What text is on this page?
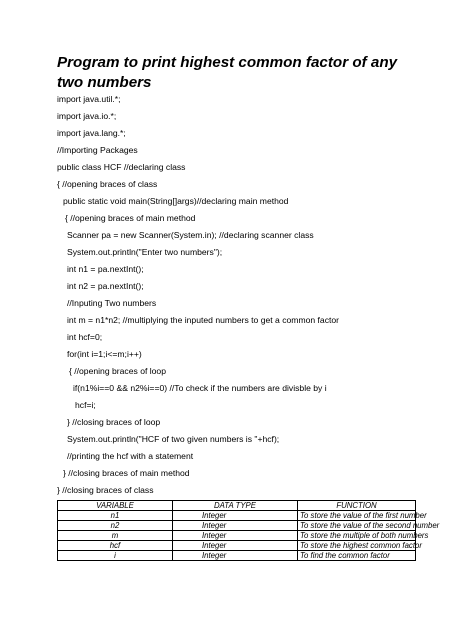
Program to print highest common factor of any two numbers
import java.util.*;
import java.io.*;
import java.lang.*;
//Importing Packages
public class HCF //declaring class
{ //opening braces of class
public static void main(String[]args)//declaring main method
{ //opening braces of main method
Scanner pa = new Scanner(System.in); //declaring scanner class
System.out.println("Enter two numbers");
int n1 = pa.nextInt();
int n2 = pa.nextInt();
//Inputing Two numbers
int m = n1*n2; //multiplying the inputed numbers to get a common factor
int hcf=0;
for(int i=1;i<=m;i++)
{ //opening braces of loop
if(n1%i==0 && n2%i==0) //To check if the numbers are divisble by i
hcf=i;
} //closing braces of loop
System.out.println("HCF of two given numbers is "+hcf);
//printing the hcf with a statement
} //closing braces of main method
} //closing braces of class
VARIABLE	DATA TYPE	FUNCTION
n1	Integer	To store the value of the first number
n2	Integer	To store the value of the second number
m	Integer	To store the multiple of both numbers
hcf	Integer	To store the highest common factor
i	Integer	To find the common factor
